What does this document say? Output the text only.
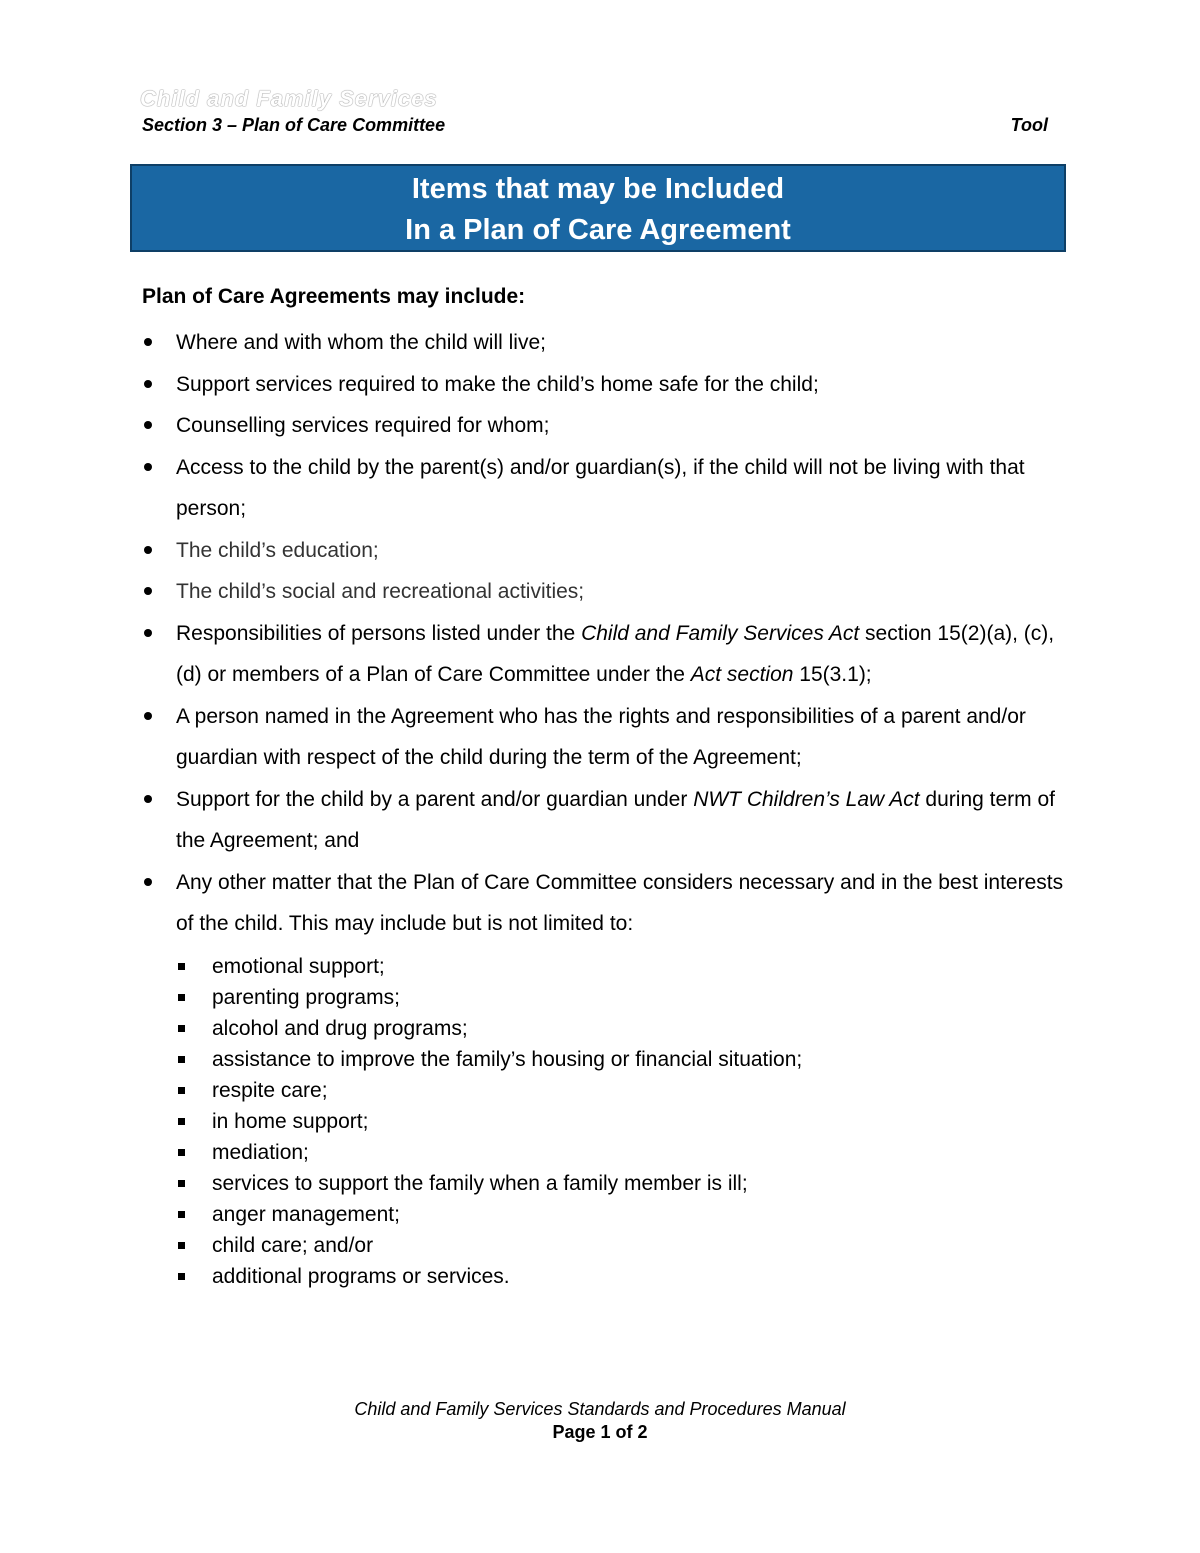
Child and Family Services
Section 3 – Plan of Care Committee	Tool
Items that may be Included
In a Plan of Care Agreement
Plan of Care Agreements may include:
Where and with whom the child will live;
Support services required to make the child’s home safe for the child;
Counselling services required for whom;
Access to the child by the parent(s) and/or guardian(s), if the child will not be living with that person;
The child’s education;
The child’s social and recreational activities;
Responsibilities of persons listed under the Child and Family Services Act section 15(2)(a), (c), (d) or members of a Plan of Care Committee under the Act section 15(3.1);
A person named in the Agreement who has the rights and responsibilities of a parent and/or guardian with respect of the child during the term of the Agreement;
Support for the child by a parent and/or guardian under NWT Children’s Law Act during term of the Agreement; and
Any other matter that the Plan of Care Committee considers necessary and in the best interests of the child. This may include but is not limited to:
emotional support;
parenting programs;
alcohol and drug programs;
assistance to improve the family’s housing or financial situation;
respite care;
in home support;
mediation;
services to support the family when a family member is ill;
anger management;
child care; and/or
additional programs or services.
Child and Family Services Standards and Procedures Manual
Page 1 of 2
